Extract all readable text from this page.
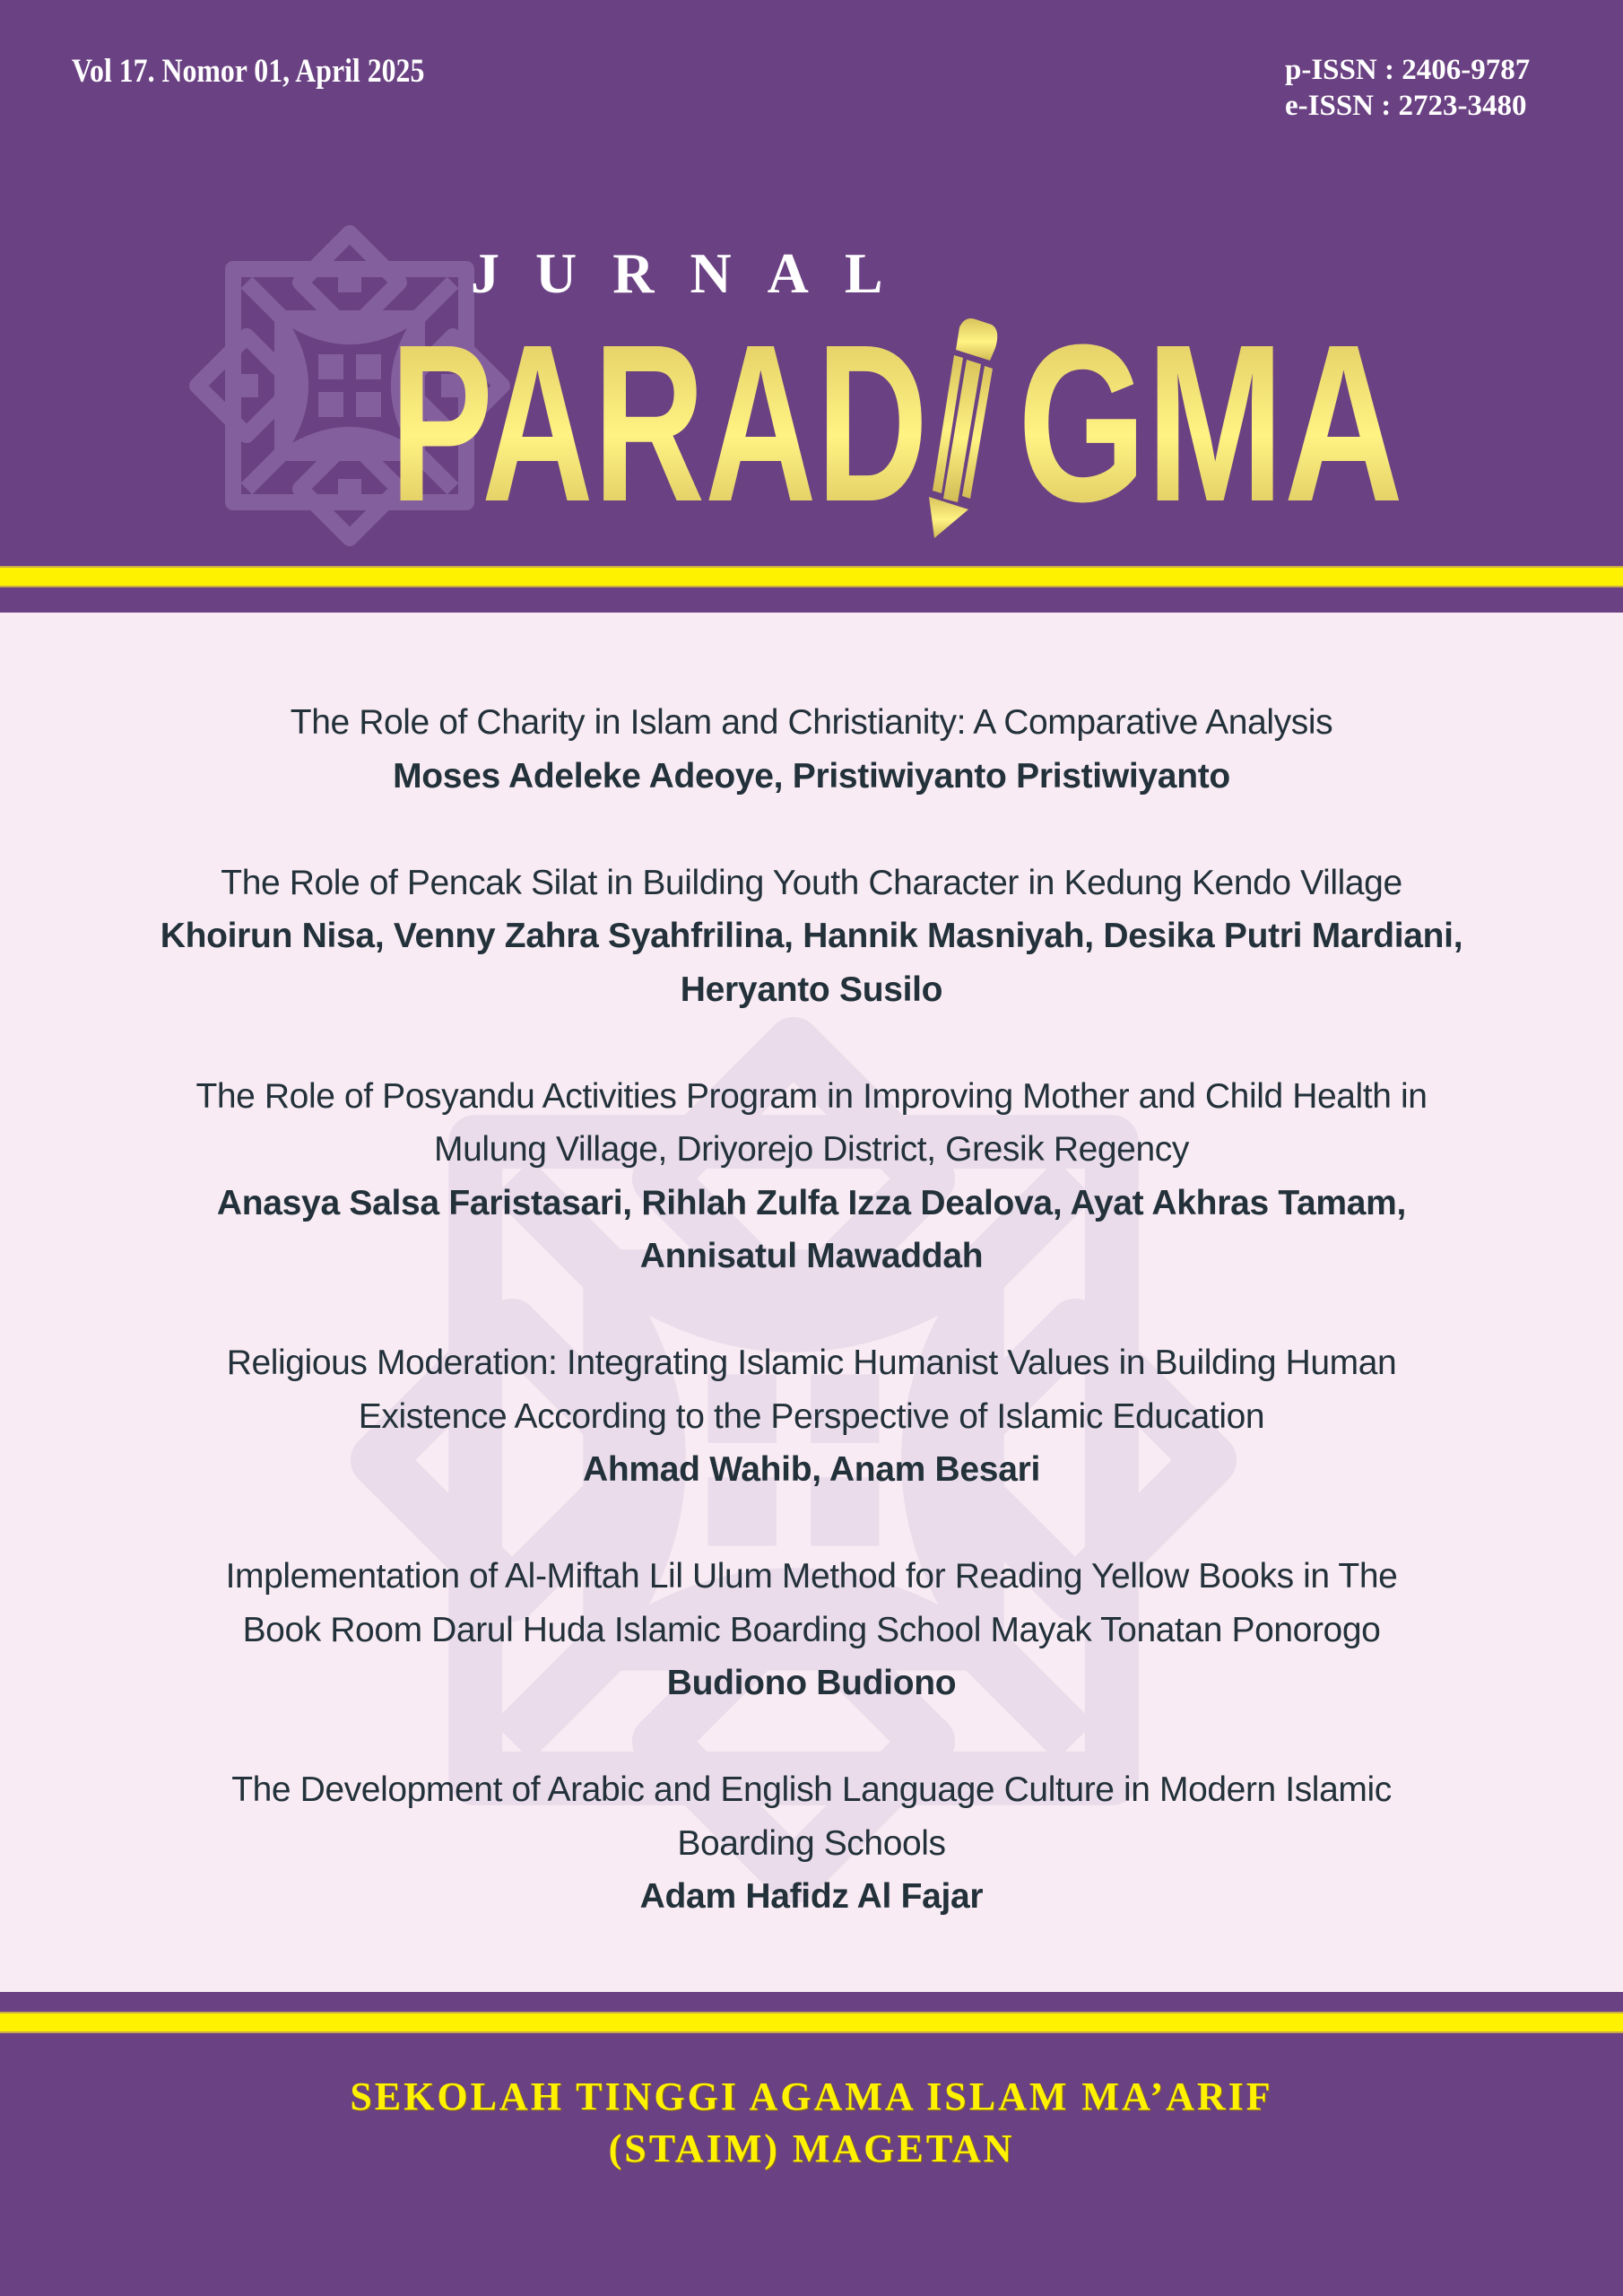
Vol 17. Nomor 01, April 2025	p-ISSN : 2406-9787
e-ISSN : 2723-3480
JURNAL
PARAD GMA
The Role of Charity in Islam and Christianity: A Comparative Analysis
Moses Adeleke Adeoye, Pristiwiyanto Pristiwiyanto
The Role of Pencak Silat in Building Youth Character in Kedung Kendo Village
Khoirun Nisa, Venny Zahra Syahfrilina, Hannik Masniyah, Desika Putri Mardiani,
Heryanto Susilo
The Role of Posyandu Activities Program in Improving Mother and Child Health in
Mulung Village, Driyorejo District, Gresik Regency
Anasya Salsa Faristasari, Rihlah Zulfa Izza Dealova, Ayat Akhras Tamam,
Annisatul Mawaddah
Religious Moderation: Integrating Islamic Humanist Values in Building Human
Existence According to the Perspective of Islamic Education
Ahmad Wahib, Anam Besari
Implementation of Al-Miftah Lil Ulum Method for Reading Yellow Books in The
Book Room Darul Huda Islamic Boarding School Mayak Tonatan Ponorogo
Budiono Budiono
The Development of Arabic and English Language Culture in Modern Islamic
Boarding Schools
Adam Hafidz Al Fajar
SEKOLAH TINGGI AGAMA ISLAM MA’ARIF
(STAIM) MAGETAN
